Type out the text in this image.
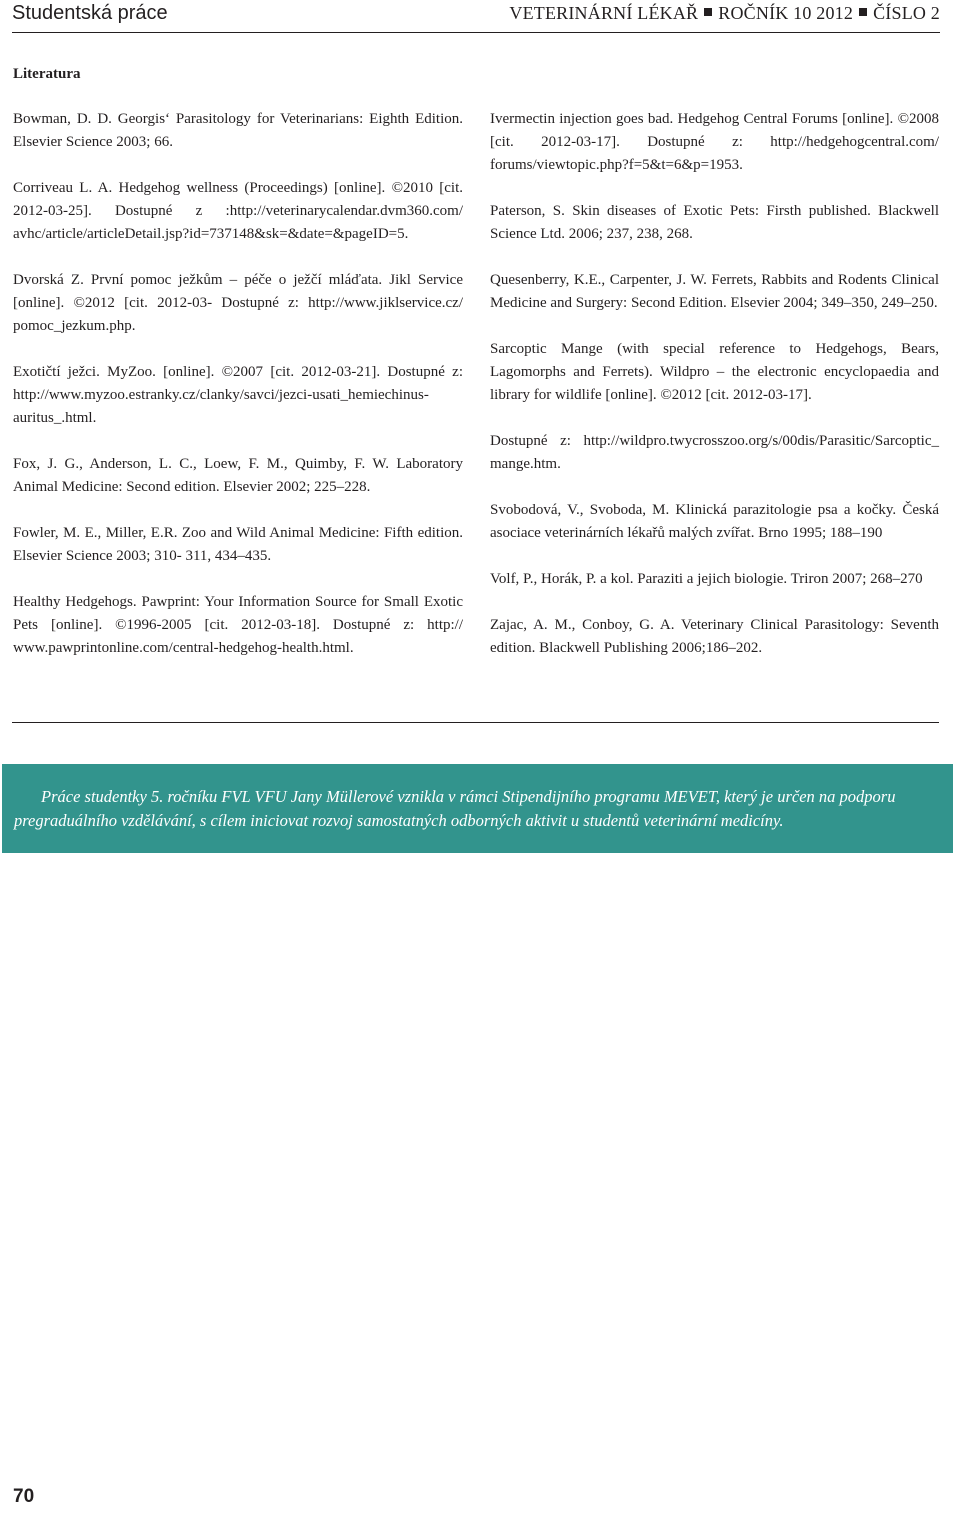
Studentská práce	VETERINÁRNÍ LÉKAŘ ROČNÍK 10 2012 ČÍSLO 2
Literatura

Bowman, D. D. Georgis‘ Parasitology for Veterinarians: Eighth Edition. Elsevier Science 2003; 66.

Corriveau L. A. Hedgehog wellness (Proceedings) [online]. ©2010 [cit. 2012-03-25]. Dostupné z :http://veterinarycalendar.dvm360.com/ avhc/article/articleDetail.jsp?id=737148&sk=&date=&pageID=5.

Dvorská Z. První pomoc ježkům – péče o ježčí mláďata. Jikl Service [online]. ©2012 [cit. 2012-03- Dostupné z: http://www.jiklservice.cz/ pomoc_jezkum.php.

Exotičtí ježci. MyZoo. [online]. ©2007 [cit. 2012-03-21]. Dostupné z: http://www.myzoo.estranky.cz/clanky/savci/jezci-usati_hemiechinus-auritus_.html.

Fox, J. G., Anderson, L. C., Loew, F. M., Quimby, F. W. Laboratory Animal Medicine: Second edition. Elsevier 2002; 225–228.

Fowler, M. E., Miller, E.R. Zoo and Wild Animal Medicine: Fifth edition. Elsevier Science 2003; 310- 311, 434–435.

Healthy Hedgehogs. Pawprint: Your Information Source for Small Exotic Pets [online]. ©1996-2005 [cit. 2012-03-18]. Dostupné z: http:// www.pawprintonline.com/central-hedgehog-health.html.

Ivermectin injection goes bad. Hedgehog Central Forums [online]. ©2008 [cit. 2012-03-17]. Dostupné z: http://hedgehogcentral.com/ forums/viewtopic.php?f=5&t=6&p=1953.

Paterson, S. Skin diseases of Exotic Pets: Firsth published. Blackwell Science Ltd. 2006; 237, 238, 268.

Quesenberry, K.E., Carpenter, J. W. Ferrets, Rabbits and Rodents Clinical Medicine and Surgery: Second Edition. Elsevier 2004; 349–350, 249–250.

Sarcoptic Mange (with special reference to Hedgehogs, Bears, Lagomorphs and Ferrets). Wildpro – the electronic encyclopaedia and library for wildlife [online]. ©2012 [cit. 2012-03-17].

Dostupné z: http://wildpro.twycrosszoo.org/s/00dis/Parasitic/Sarcoptic_ mange.htm.

Svobodová, V., Svoboda, M. Klinická parazitologie psa a kočky. Česká asociace veterinárních lékařů malých zvířat. Brno 1995; 188–190

Volf, P., Horák, P. a kol. Paraziti a jejich biologie. Triron 2007; 268–270

Zajac, A. M., Conboy, G. A. Veterinary Clinical Parasitology: Seventh edition. Blackwell Publishing 2006;186–202.

Práce studentky 5. ročníku FVL VFU Jany Müllerové vznikla v rámci Stipendijního programu MEVET, který je určen na podporu pregraduálního vzdělávání, s cílem iniciovat rozvoj samostatných odborných aktivit u studentů veterinární medicíny.
70
